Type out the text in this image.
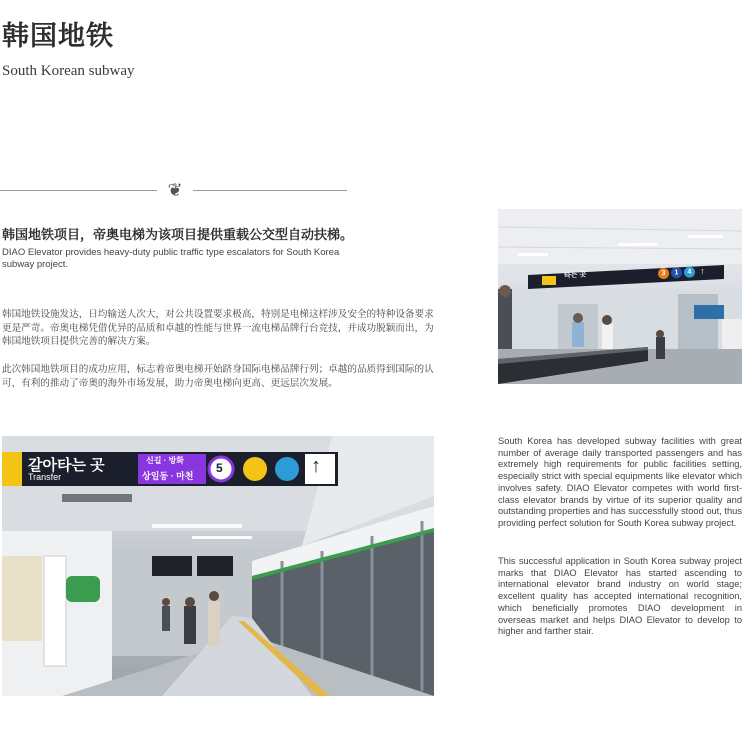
韩国地铁
South Korean subway
❦
韩国地铁项目，帝奥电梯为该项目提供重载公交型自动扶梯。
DIAO Elevator provides heavy-duty public traffic type escalators for South Korea subway project.
韩国地铁设施发达，日均输送人次大，对公共设置要求极高，特别是电梯这样涉及安全的特种设备要求更是严苛。帝奥电梯凭借优异的品质和卓越的性能与世界一流电梯品牌行台竞技，并成功脱颖而出，为韩国地铁项目提供完善的解决方案。
此次韩国地铁项目的成功应用，标志着帝奥电梯开始跻身国际电梯品牌行列；卓越的品质得到国际的认可，有利的推动了帝奥的海外市场发展，助力帝奥电梯向更高、更远层次发展。
South Korea has developed subway facilities with great number of average daily transported passengers and has extremely high requirements for public facilities setting, especially strict with special equipments like elevator which involves safety. DIAO Elevator competes with world first-class elevator brands by virtue of its superior quality and outstanding properties and has successfully stood out, thus providing perfect solution for South Korea subway project.
This successful application in South Korea subway project marks that DIAO Elevator has started ascending to international elevator brand industry on world stage; excellent quality has accepted international recognition, which beneficially promotes DIAO development in overseas market and helps DIAO Elevator to develop to higher and farther stair.
타는 곳	3	1	4 ↑
갈아타는 곳
Transfer
신길 · 방화
상일동 · 마천
5	↑
